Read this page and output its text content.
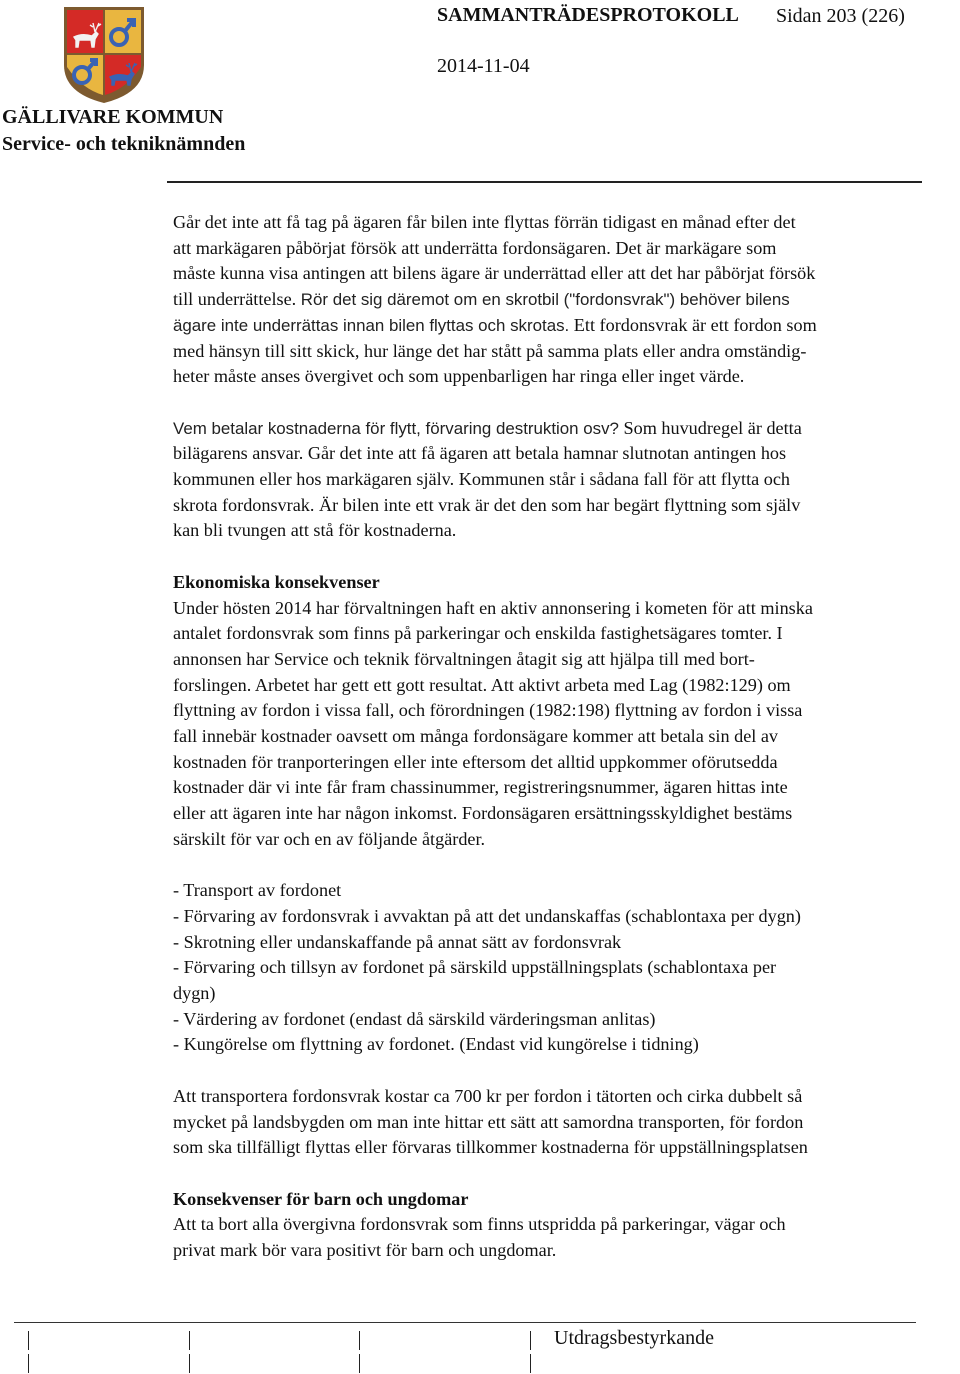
SAMMANTRÄDESPROTOKOLL Sidan 203 (226)
2014-11-04
GÄLLIVARE KOMMUN
Service- och tekniknämnden

Går det inte att få tag på ägaren får bilen inte flyttas förrän tidigast en månad efter det

att markägaren påbörjat försök att underrätta fordonsägaren. Det är markägare som

måste kunna visa antingen att bilens ägare är underrättad eller att det har påbörjat försök

till underrättelse. Rör det sig däremot om en skrotbil ("fordonsvrak") behöver bilens

ägare inte underrättas innan bilen flyttas och skrotas. Ett fordonsvrak är ett fordon som

med hänsyn till sitt skick, hur länge det har stått på samma plats eller andra omständig-

heter måste anses övergivet och som uppenbarligen har ringa eller inget värde.

Vem betalar kostnaderna för flytt, förvaring destruktion osv? Som huvudregel är detta

bilägarens ansvar. Går det inte att få ägaren att betala hamnar slutnotan antingen hos

kommunen eller hos markägaren själv. Kommunen står i sådana fall för att flytta och

skrota fordonsvrak. Är bilen inte ett vrak är det den som har begärt flyttning som själv

kan bli tvungen att stå för kostnaderna.

Ekonomiska konsekvenser

Under hösten 2014 har förvaltningen haft en aktiv annonsering i kometen för att minska

antalet fordonsvrak som finns på parkeringar och enskilda fastighetsägares tomter. I

annonsen har Service och teknik förvaltningen åtagit sig att hjälpa till med bort-

forslingen. Arbetet har gett ett gott resultat. Att aktivt arbeta med Lag (1982:129) om

flyttning av fordon i vissa fall, och förordningen (1982:198) flyttning av fordon i vissa

fall innebär kostnader oavsett om många fordonsägare kommer att betala sin del av

kostnaden för tranporteringen eller inte eftersom det alltid uppkommer oförutsedda

kostnader där vi inte får fram chassinummer, registreringsnummer, ägaren hittas inte

eller att ägaren inte har någon inkomst. Fordonsägaren ersättningsskyldighet bestäms

särskilt för var och en av följande åtgärder.

- Transport av fordonet

- Förvaring av fordonsvrak i avvaktan på att det undanskaffas (schablontaxa per dygn)

- Skrotning eller undanskaffande på annat sätt av fordonsvrak

- Förvaring och tillsyn av fordonet på särskild uppställningsplats (schablontaxa per

dygn)

- Värdering av fordonet (endast då särskild värderingsman anlitas)

- Kungörelse om flyttning av fordonet. (Endast vid kungörelse i tidning)

Att transportera fordonsvrak kostar ca 700 kr per fordon i tätorten och cirka dubbelt så

mycket på landsbygden om man inte hittar ett sätt att samordna transporten, för fordon

som ska tillfälligt flyttas eller förvaras tillkommer kostnaderna för uppställningsplatsen

Konsekvenser för barn och ungdomar

Att ta bort alla övergivna fordonsvrak som finns utspridda på parkeringar, vägar och

privat mark bör vara positivt för barn och ungdomar.

Utdragsbestyrkande
